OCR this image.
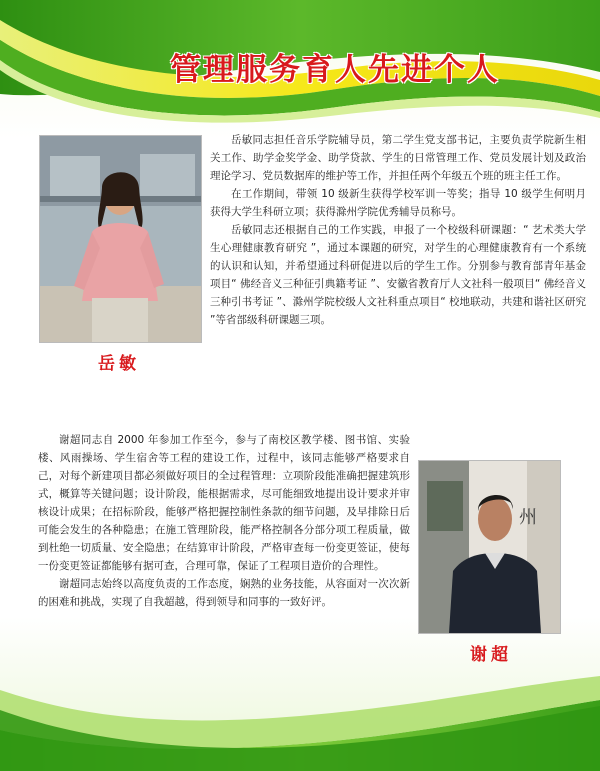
管理服务育人先进个人
岳敏

岳敏同志担任音乐学院辅导员，第二学生党支部书记，主要负责学院新生相关工作、助学金奖学金、助学贷款、学生的日常管理工作、党员发展计划及政治理论学习、党员数据库的维护等工作，并担任两个年级五个班的班主任工作。

在工作期间，带领 10 级新生获得学校军训一等奖；指导 10 级学生何明月获得大学生科研立项；获得滁州学院优秀辅导员称号。

岳敏同志还根据自己的工作实践，申报了一个校级科研课题：“ 艺术类大学生心理健康教育研究 ”，通过本课题的研究，对学生的心理健康教育有一个系统的认识和认知，并希望通过科研促进以后的学生工作。分别参与教育部青年基金项目“ 佛经音义三种征引典籍考证 ”、安徽省教育厅人文社科一般项目“ 佛经音义三种引书考证 ”、滁州学院校级人文社科重点项目“ 校地联动，共建和谐社区研究 ”等省部级科研课题三项。

谢超同志自 2000 年参加工作至今，参与了南校区教学楼、图书馆、实验楼、风雨操场、学生宿舍等工程的建设工作，过程中，该同志能够严格要求自己，对每个新建项目都必须做好项目的全过程管理：立项阶段能准确把握建筑形式，概算等关键问题；设计阶段，能根据需求，尽可能细致地提出设计要求并审核设计成果；在招标阶段，能够严格把握控制性条款的细节问题，及早排除日后可能会发生的各种隐患；在施工管理阶段，能严格控制各分部分项工程质量，做到杜绝一切质量、安全隐患；在结算审计阶段，严格审查每一份变更签证，使每一份变更签证都能够有据可查，合理可靠，保证了工程项目造价的合理性。

谢超同志始终以高度负责的工作态度，娴熟的业务技能，从容面对一次次新的困难和挑战，实现了自我超越，得到领导和同事的一致好评。

州
谢超
